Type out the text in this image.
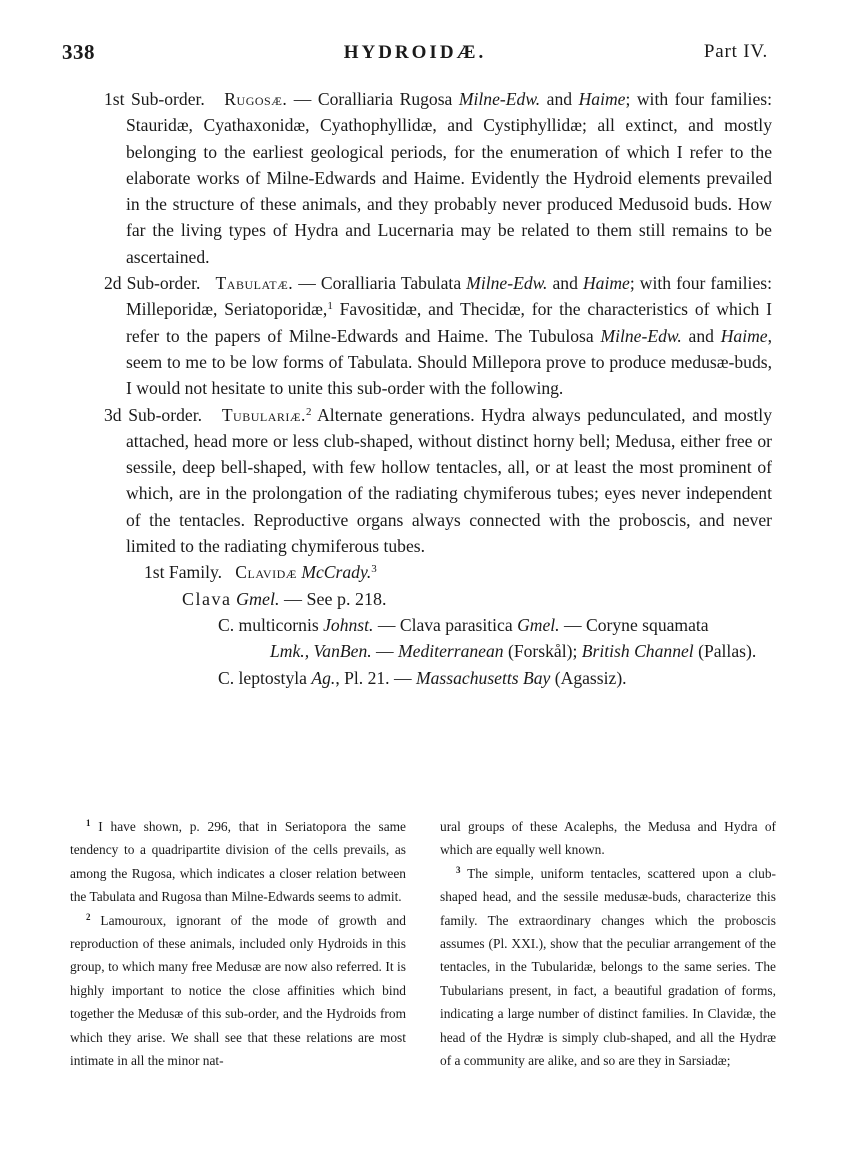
338	HYDROIDÆ.	Part IV.

1st Sub-order. Rugosæ. — Coralliaria Rugosa Milne-Edw. and Haime; with four families: Stauridæ, Cyathaxonidæ, Cyathophyllidæ, and Cystiphyllidæ; all extinct, and mostly belonging to the earliest geological periods, for the enumeration of which I refer to the elaborate works of Milne-Edwards and Haime. Evidently the Hydroid elements prevailed in the structure of these animals, and they probably never produced Medusoid buds. How far the living types of Hydra and Lucernaria may be related to them still remains to be ascertained.

2d Sub-order. Tabulatæ. — Coralliaria Tabulata Milne-Edw. and Haime; with four families: Milleporidæ, Seriatoporidæ,$^1$ Favositidæ, and Thecidæ, for the characteristics of which I refer to the papers of Milne-Edwards and Haime. The Tubulosa Milne-Edw. and Haime, seem to me to be low forms of Tabulata. Should Millepora prove to produce medusæ-buds, I would not hesitate to unite this sub-order with the following.

3d Sub-order. Tubulariæ.$^2$ Alternate generations. Hydra always pedunculated, and mostly attached, head more or less club-shaped, without distinct horny bell; Medusa, either free or sessile, deep bell-shaped, with few hollow tentacles, all, or at least the most prominent of which, are in the prolongation of the radiating chymiferous tubes; eyes never independent of the tentacles. Reproductive organs always connected with the proboscis, and never limited to the radiating chymiferous tubes.

1st Family. Clavidæ McCrady.$^3$

Clava Gmel. — See p. 218.

C. multicornis Johnst. — Clava parasitica Gmel. — Coryne squamata

Lmk., VanBen. — Mediterranean (Forskål); British Channel (Pallas).

C. leptostyla Ag., Pl. 21. — Massachusetts Bay (Agassiz).

$^1$ I have shown, p. 296, that in Seriatopora the same tendency to a quadripartite division of the cells prevails, as among the Rugosa, which indicates a closer relation between the Tabulata and Rugosa than Milne-Edwards seems to admit.

$^2$ Lamouroux, ignorant of the mode of growth and reproduction of these animals, included only Hydroids in this group, to which many free Medusæ are now also referred. It is highly important to notice the close affinities which bind together the Medusæ of this sub-order, and the Hydroids from which they arise. We shall see that these relations are most intimate in all the minor nat-

ural groups of these Acalephs, the Medusa and Hydra of which are equally well known.

$^3$ The simple, uniform tentacles, scattered upon a club-shaped head, and the sessile medusæ-buds, characterize this family. The extraordinary changes which the proboscis assumes (Pl. XXI.), show that the peculiar arrangement of the tentacles, in the Tubularidæ, belongs to the same series. The Tubularians present, in fact, a beautiful gradation of forms, indicating a large number of distinct families. In Clavidæ, the head of the Hydræ is simply club-shaped, and all the Hydræ of a community are alike, and so are they in Sarsiadæ;
